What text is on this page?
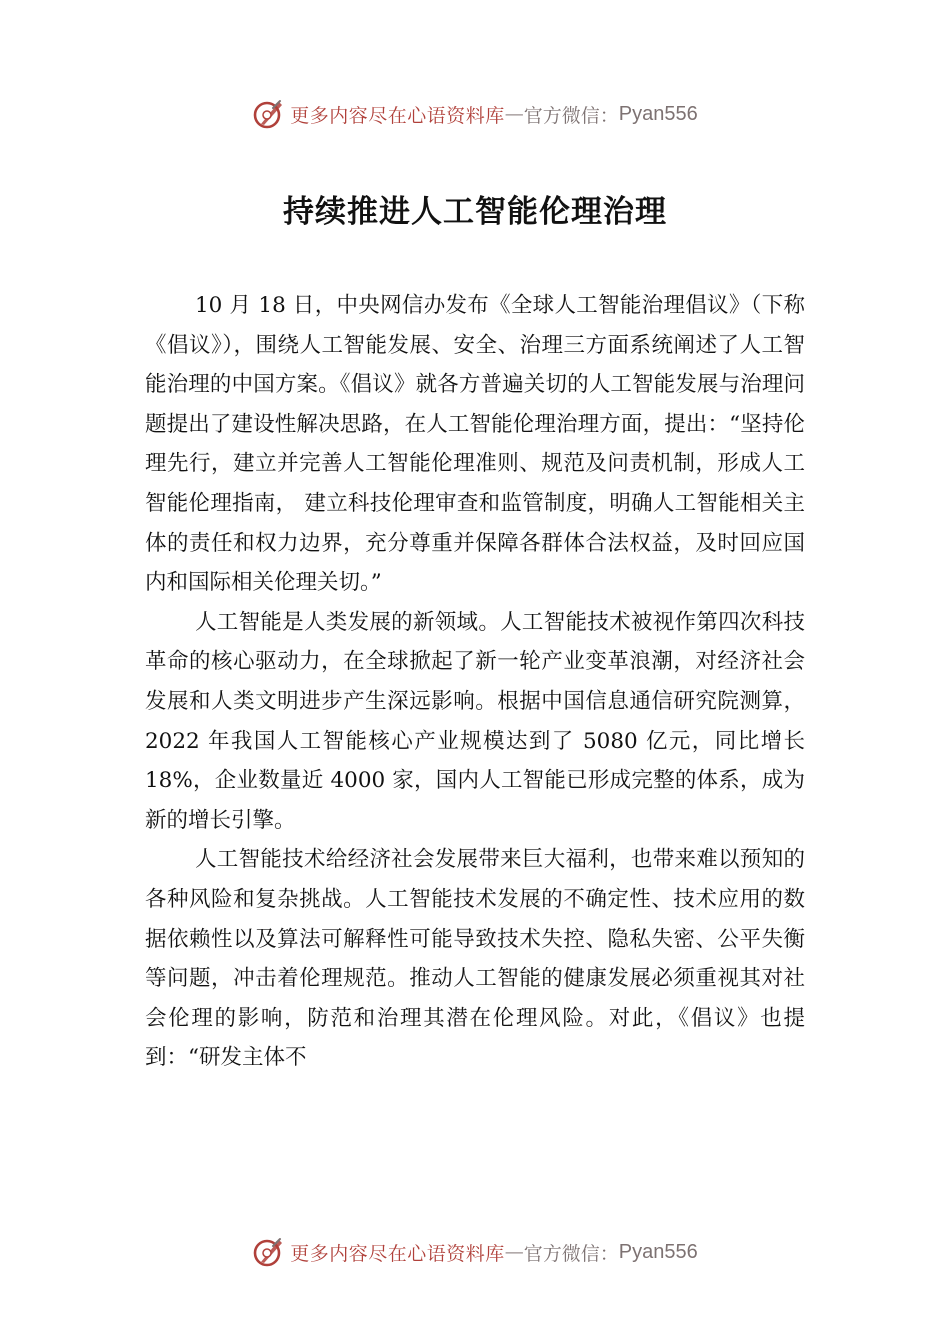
更多内容尽在心语资料库 — 官方微信： Pyan556
持续推进人工智能伦理治理

10 月 18 日，中央网信办发布《全球人工智能治理倡议》（下称《倡议》），围绕人工智能发展、安全、治理三方面系统阐述了人工智能治理的中国方案。《倡议》就各方普遍关切的人工智能发展与治理问题提出了建设性解决思路，在人工智能伦理治理方面，提出：“坚持伦理先行，建立并完善人工智能伦理准则、规范及问责机制，形成人工智能伦理指南， 建立科技伦理审查和监管制度，明确人工智能相关主体的责任和权力边界，充分尊重并保障各群体合法权益，及时回应国内和国际相关伦理关切。”

人工智能是人类发展的新领域。人工智能技术被视作第四次科技革命的核心驱动力，在全球掀起了新一轮产业变革浪潮，对经济社会发展和人类文明进步产生深远影响。根据中国信息通信研究院测算，2022 年我国人工智能核心产业规模达到了 5080 亿元，同比增长 18%，企业数量近 4000 家，国内人工智能已形成完整的体系，成为新的增长引擎。

人工智能技术给经济社会发展带来巨大福利，也带来难以预知的各种风险和复杂挑战。人工智能技术发展的不确定性、技术应用的数据依赖性以及算法可解释性可能导致技术失控、隐私失密、公平失衡等问题，冲击着伦理规范。推动人工智能的健康发展必须重视其对社会伦理的影响，防范和治理其潜在伦理风险。对此，《倡议》也提到：“研发主体不

更多内容尽在心语资料库 — 官方微信： Pyan556
